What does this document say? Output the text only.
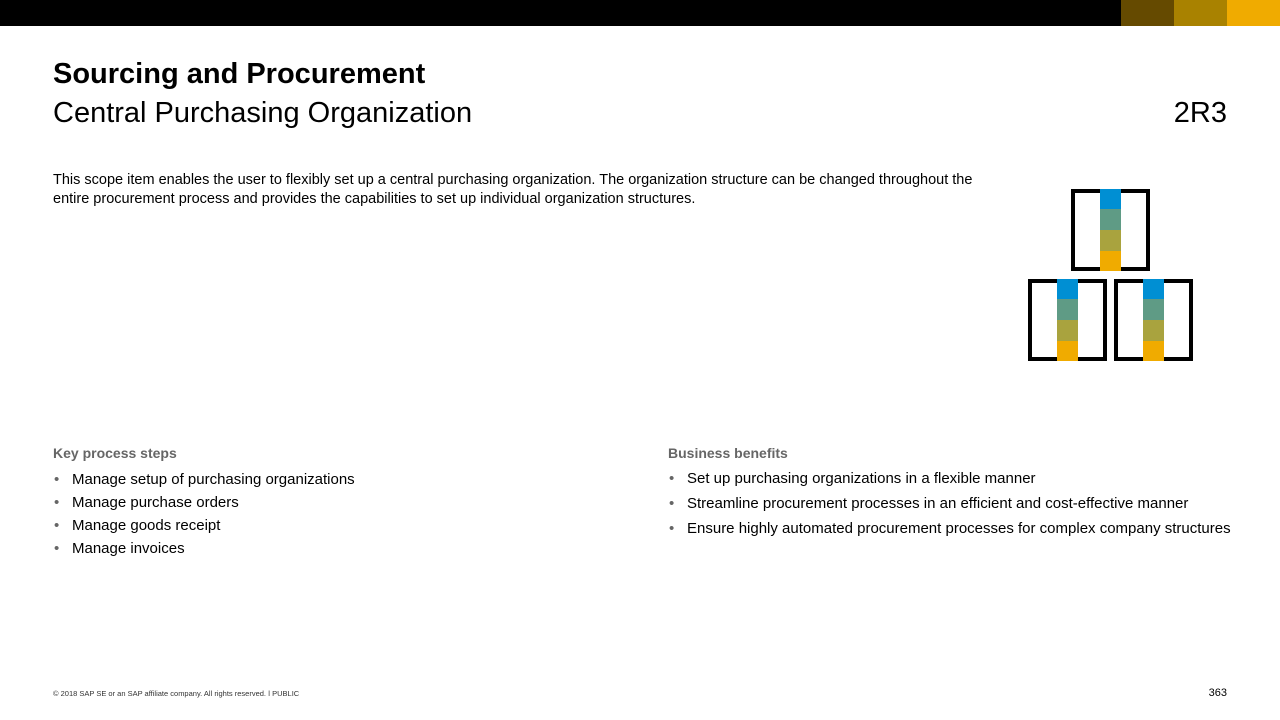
Sourcing and Procurement
Central Purchasing Organization	2R3
This scope item enables the user to flexibly set up a central purchasing organization. The organization structure can be changed throughout the entire procurement process and provides the capabilities to set up individual organization structures.
Key process steps
• Manage setup of purchasing organizations
• Manage purchase orders
• Manage goods receipt
• Manage invoices
Business benefits
• Set up purchasing organizations in a flexible manner
• Streamline procurement processes in an efficient and cost-effective manner
• Ensure highly automated procurement processes for complex company structures
© 2018 SAP SE or an SAP affiliate company. All rights reserved. ǀ PUBLIC	363
